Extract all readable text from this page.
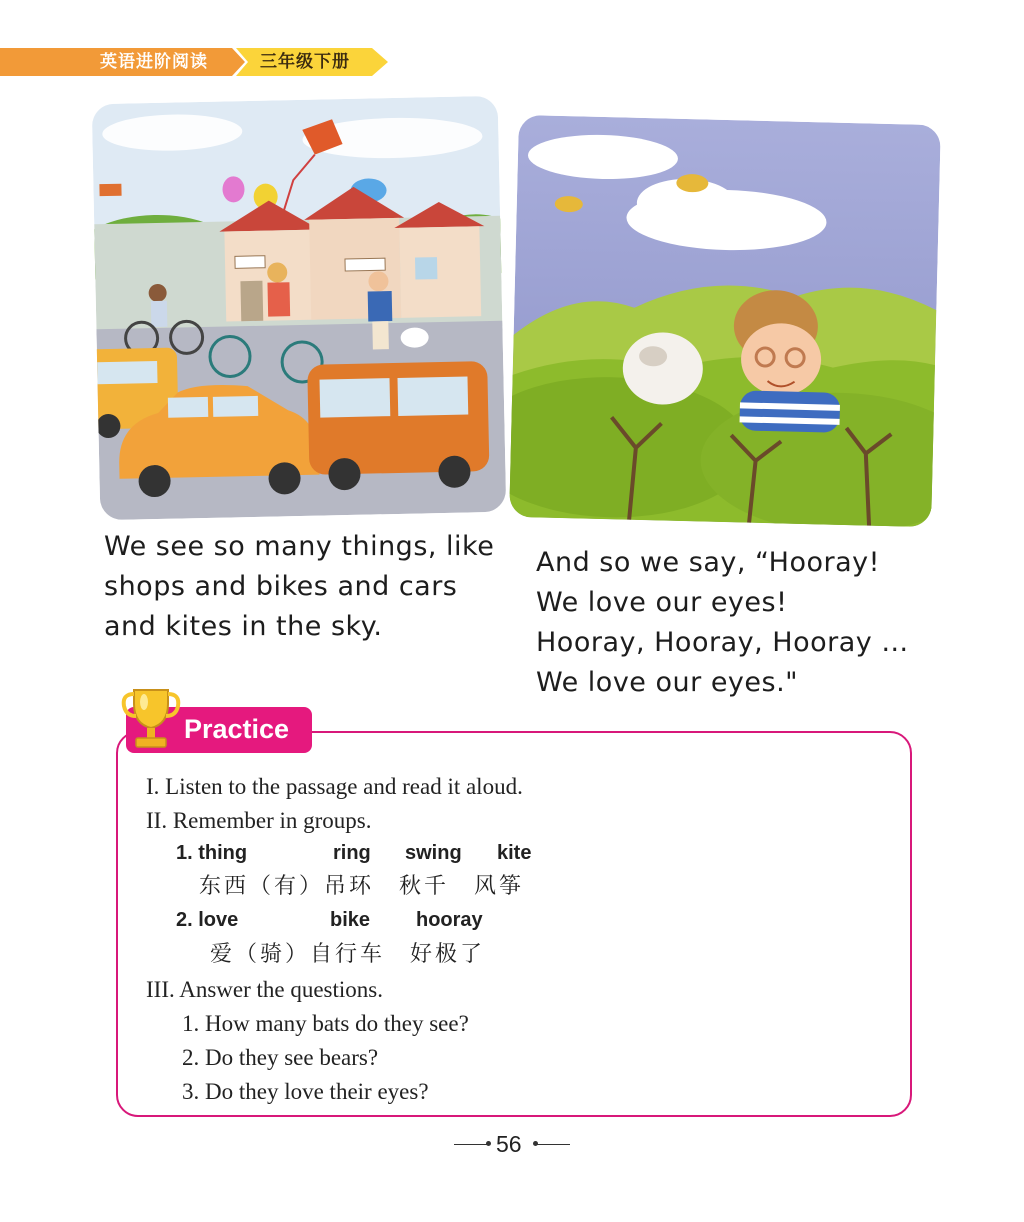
英语进阶阅读	三年级下册
We see so many things, like
shops and bikes and cars
and kites in the sky.
And so we say, “Hooray!
We love our eyes!
Hooray, Hooray, Hooray …
We love our eyes."
Practice
I. Listen to the passage and read it aloud.
II. Remember in groups.
1. thing	ring swing kite
东西（有）吊环　秋千　风筝
2. love	bike hooray
爱（骑）自行车　好极了
III. Answer the questions.
1. How many bats do they see?
2. Do they see bears?
3. Do they love their eyes?
56
